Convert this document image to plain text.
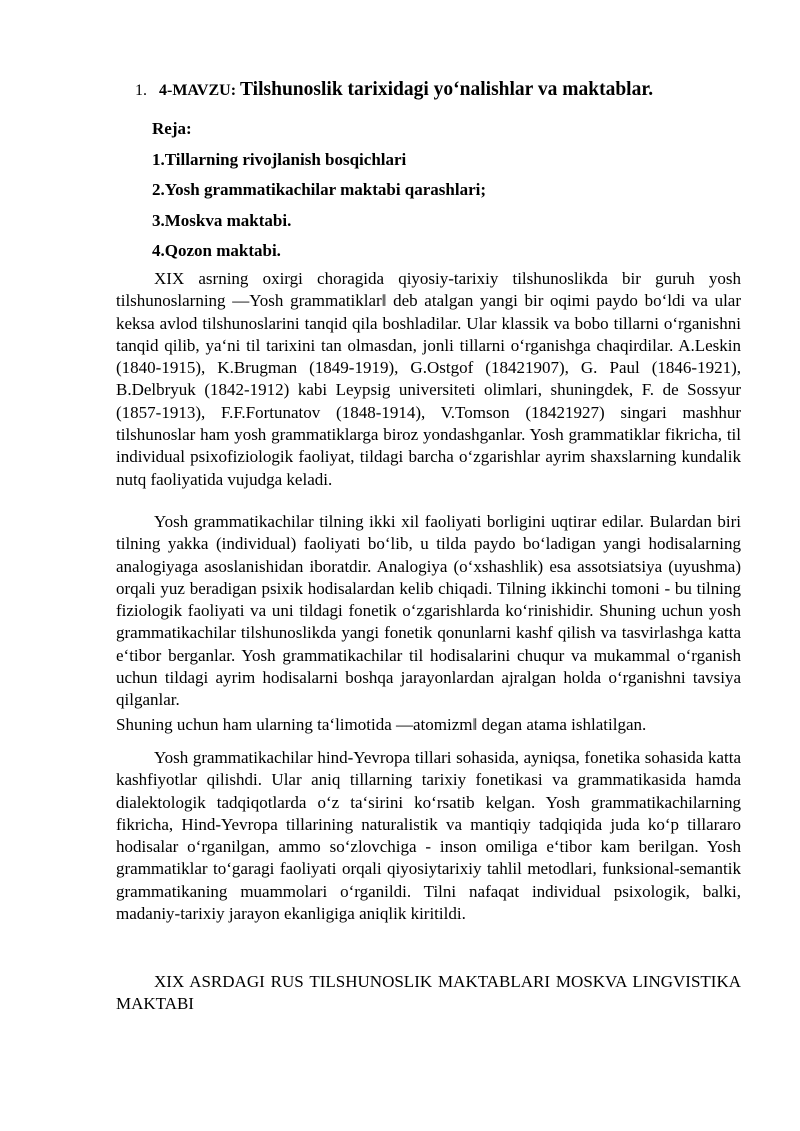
1. 4-MAVZU: Tilshunoslik tarixidagi yo‘nalishlar va maktablar.
Reja:
1.Tillarning rivojlanish bosqichlari
2.Yosh grammatikachilar maktabi qarashlari;
3.Moskva maktabi.
4.Qozon maktabi.

XIX asrning oxirgi choragida qiyosiy-tarixiy tilshunoslikda bir guruh yosh tilshunoslarning ―Yosh grammatiklar‖ deb atalgan yangi bir oqimi paydo bo‘ldi va ular keksa avlod tilshunoslarini tanqid qila boshladilar. Ular klassik va bobo tillarni o‘rganishni tanqid qilib, ya‘ni til tarixini tan olmasdan, jonli tillarni o‘rganishga chaqirdilar. A.Leskin (1840-1915), K.Brugman (1849-1919), G.Ostgof (18421907), G. Paul (1846-1921), B.Delbryuk (1842-1912) kabi Leypsig universiteti olimlari, shuningdek, F. de Sossyur (1857-1913), F.F.Fortunatov (1848-1914), V.Tomson (18421927) singari mashhur tilshunoslar ham yosh grammatiklarga biroz yondashganlar. Yosh grammatiklar fikricha, til individual psixofiziologik faoliyat, tildagi barcha o‘zgarishlar ayrim shaxslarning kundalik nutq faoliyatida vujudga keladi.

Yosh grammatikachilar tilning ikki xil faoliyati borligini uqtirar edilar. Bulardan biri tilning yakka (individual) faoliyati bo‘lib, u tilda paydo bo‘ladigan yangi hodisalarning analogiyaga asoslanishidan iboratdir. Analogiya (o‘xshashlik) esa assotsiatsiya (uyushma) orqali yuz beradigan psixik hodisalardan kelib chiqadi. Tilning ikkinchi tomoni - bu tilning fiziologik faoliyati va uni tildagi fonetik o‘zgarishlarda ko‘rinishidir. Shuning uchun yosh grammatikachilar tilshunoslikda yangi fonetik qonunlarni kashf qilish va tasvirlashga katta e‘tibor berganlar. Yosh grammatikachilar til hodisalarini chuqur va mukammal o‘rganish uchun tildagi ayrim hodisalarni boshqa jarayonlardan ajralgan holda o‘rganishni tavsiya qilganlar.

Shuning uchun ham ularning ta‘limotida ―atomizm‖ degan atama ishlatilgan.

Yosh grammatikachilar hind-Yevropa tillari sohasida, ayniqsa, fonetika sohasida katta kashfiyotlar qilishdi. Ular aniq tillarning tarixiy fonetikasi va grammatikasida hamda dialektologik tadqiqotlarda o‘z ta‘sirini ko‘rsatib kelgan. Yosh grammatikachilarning fikricha, Hind-Yevropa tillarining naturalistik va mantiqiy tadqiqida juda ko‘p tillararo hodisalar o‘rganilgan, ammo so‘zlovchiga - inson omiliga e‘tibor kam berilgan. Yosh grammatiklar to‘garagi faoliyati orqali qiyosiytarixiy tahlil metodlari, funksional-semantik grammatikaning muammolari o‘rganildi. Tilni nafaqat individual psixologik, balki, madaniy-tarixiy jarayon ekanligiga aniqlik kiritildi.

XIX ASRDAGI RUS TILSHUNOSLIK MAKTABLARI MOSKVA LINGVISTIKA MAKTABI
